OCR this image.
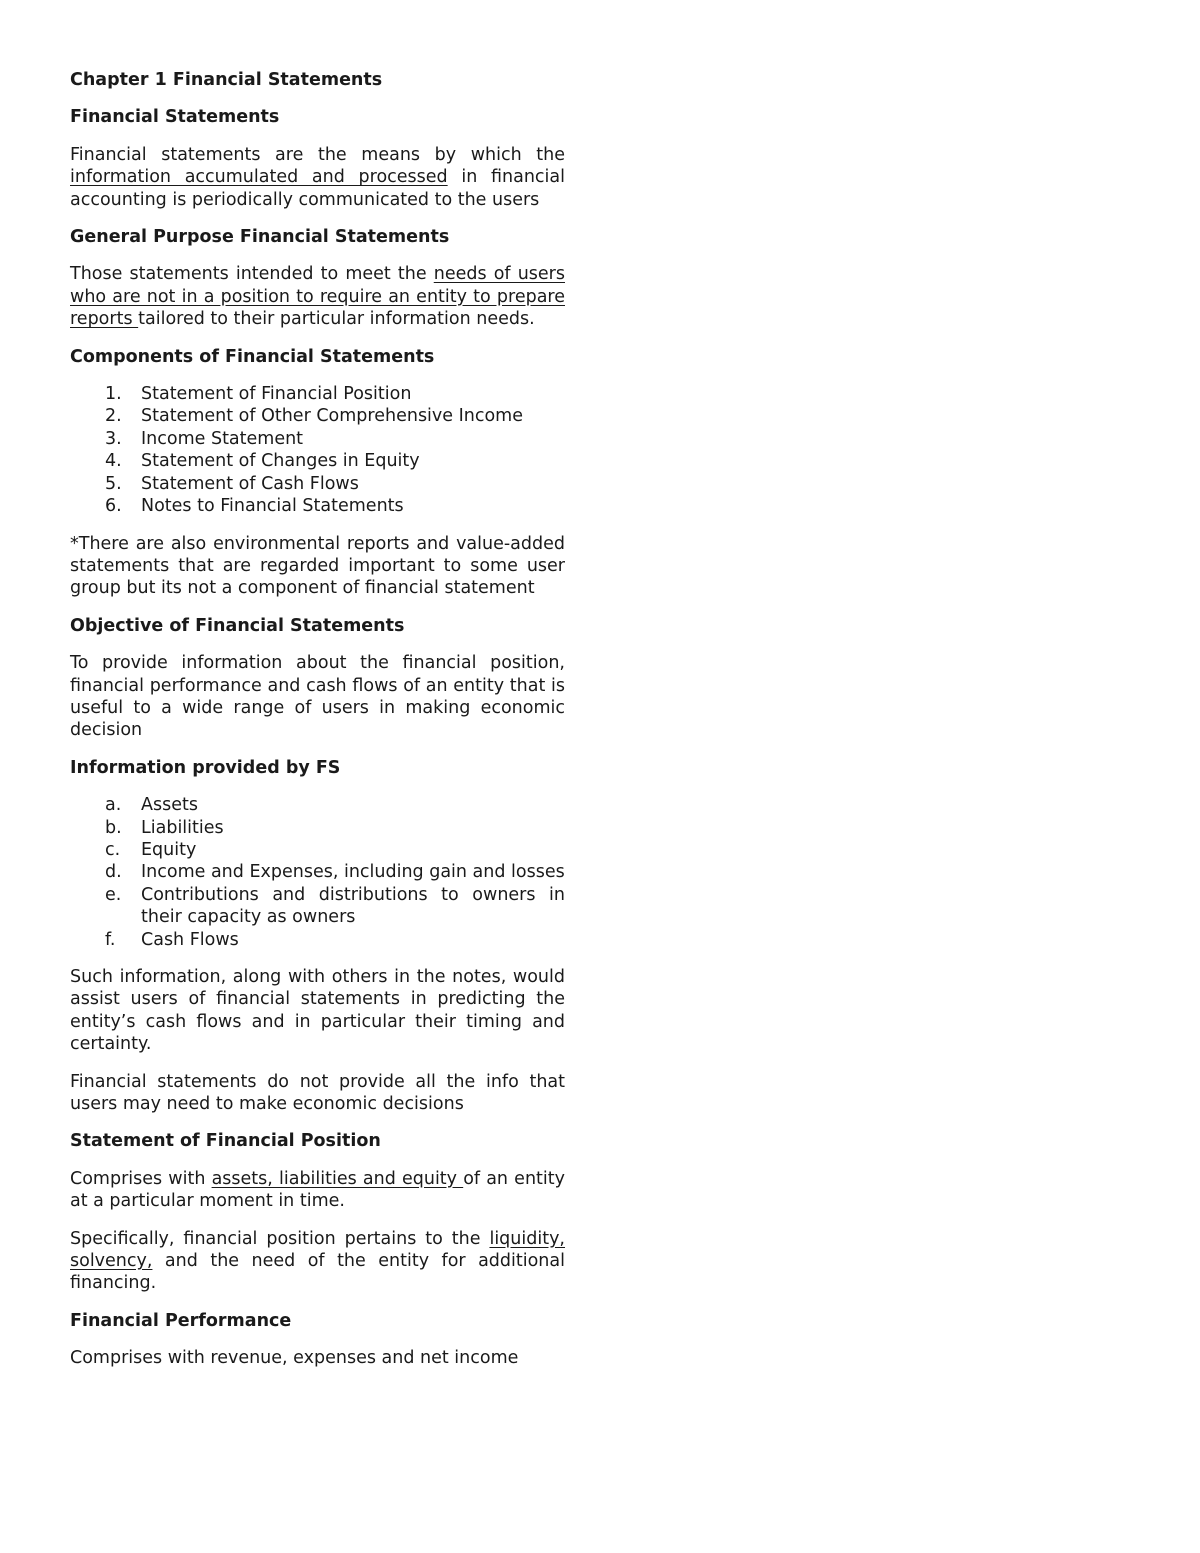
Chapter 1 Financial Statements
Financial Statements

Financial statements are the means by which the information accumulated and processed in financial accounting is periodically communicated to the users

General Purpose Financial Statements

Those statements intended to meet the needs of users who are not in a position to require an entity to prepare reports tailored to their particular information needs.

Components of Financial Statements
1.	Statement of Financial Position
2.	Statement of Other Comprehensive Income
3.	Income Statement
4.	Statement of Changes in Equity
5.	Statement of Cash Flows
6.	Notes to Financial Statements

*There are also environmental reports and value-added statements that are regarded important to some user group but its not a component of financial statement

Objective of Financial Statements

To provide information about the financial position, financial performance and cash flows of an entity that is useful to a wide range of users in making economic decision

Information provided by FS
a.	Assets
b.	Liabilities
c.	Equity
d.	Income and Expenses, including gain and losses
e.	Contributions and distributions to owners in their capacity as owners
f.	Cash Flows

Such information, along with others in the notes, would assist users of financial statements in predicting the entity’s cash flows and in particular their timing and certainty.

Financial statements do not provide all the info that users may need to make economic decisions

Statement of Financial Position

Comprises with assets, liabilities and equity of an entity at a particular moment in time.

Specifically, financial position pertains to the liquidity, solvency, and the need of the entity for additional financing.

Financial Performance

Comprises with revenue, expenses and net income
